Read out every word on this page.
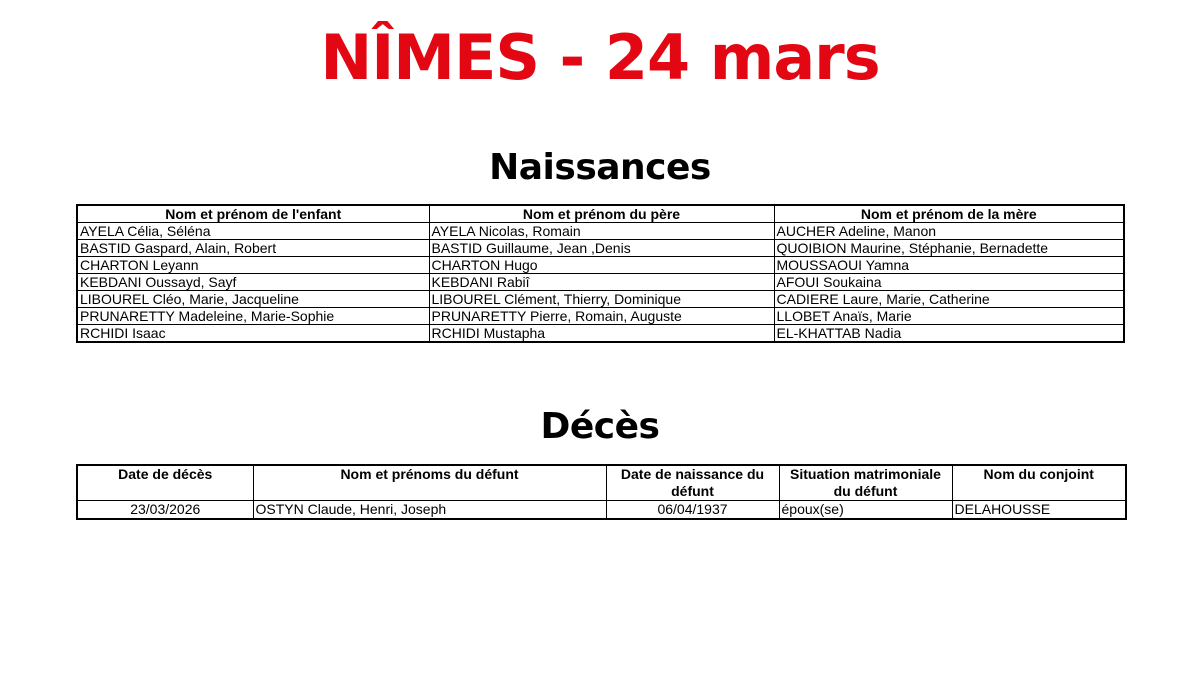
NÎMES - 24 mars
Naissances
Nom et prénom de l'enfant	Nom et prénom du père	Nom et prénom de la mère
AYELA Célia, Séléna	AYELA Nicolas, Romain	AUCHER Adeline, Manon
BASTID Gaspard, Alain, Robert	BASTID Guillaume, Jean ,Denis	QUOIBION Maurine, Stéphanie, Bernadette
CHARTON Leyann	CHARTON Hugo	MOUSSAOUI Yamna
KEBDANI Oussayd, Sayf	KEBDANI Rabiî	AFOUI Soukaina
LIBOUREL Cléo, Marie, Jacqueline	LIBOUREL Clément, Thierry, Dominique	CADIERE Laure, Marie, Catherine
PRUNARETTY Madeleine, Marie-Sophie	PRUNARETTY Pierre, Romain, Auguste	LLOBET Anaïs, Marie
RCHIDI Isaac	RCHIDI Mustapha	EL-KHATTAB Nadia
Décès
Date de décès	Nom et prénoms du défunt	Date de naissance du défunt	Situation matrimoniale du défunt	Nom du conjoint
23/03/2026	OSTYN Claude, Henri, Joseph	06/04/1937	époux(se)	DELAHOUSSE
